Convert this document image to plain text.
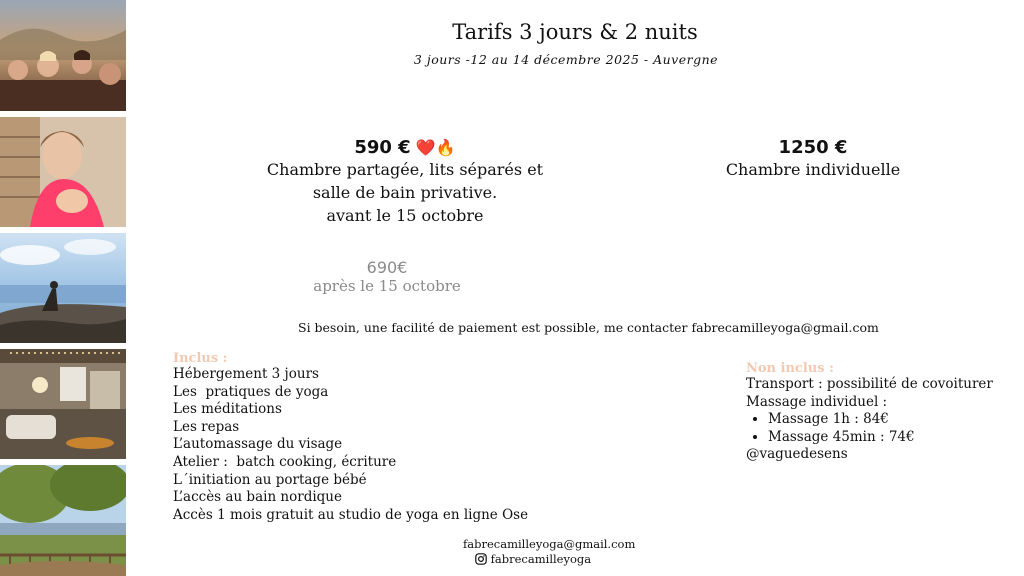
Tarifs 3 jours & 2 nuits
3 jours -12 au 14 décembre 2025 - Auvergne
590 € ❤️🔥
Chambre partagée, lits séparés et
salle de bain privative.
avant le 15 octobre
1250 €
Chambre individuelle
690€
après le 15 octobre
Si besoin, une facilité de paiement est possible, me contacter fabrecamilleyoga@gmail.com
Inclus :
Hébergement 3 jours
Les  pratiques de yoga
Les méditations
Les repas
L’automassage du visage
Atelier :  batch cooking, écriture
L´initiation au portage bébé
L’accès au bain nordique
Accès 1 mois gratuit au studio de yoga en ligne Ose
Non inclus :
Transport : possibilité de covoiturer
Massage individuel :
• Massage 1h : 84€
• Massage 45min : 74€
@vaguedesens
fabrecamilleyoga@gmail.com
fabrecamilleyoga
